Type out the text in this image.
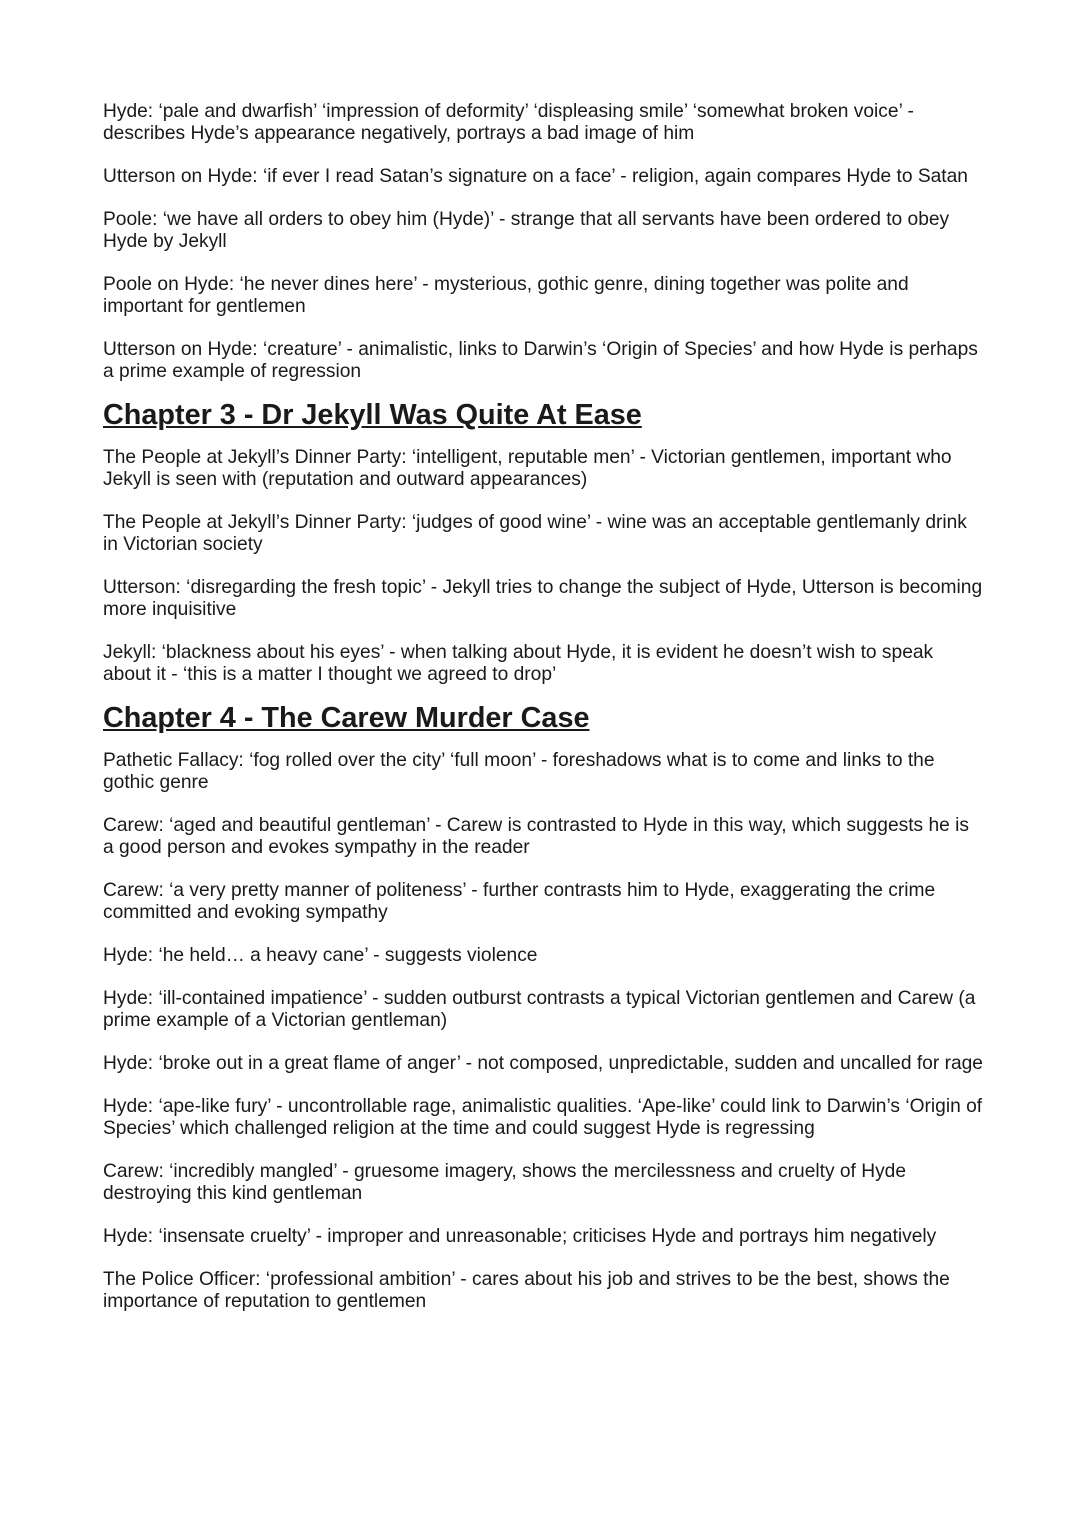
Hyde: ‘pale and dwarfish’ ‘impression of deformity’ ‘displeasing smile’ ‘somewhat broken voice’ - describes Hyde’s appearance negatively, portrays a bad image of him

Utterson on Hyde: ‘if ever I read Satan’s signature on a face’ - religion, again compares Hyde to Satan

Poole: ‘we have all orders to obey him (Hyde)’ - strange that all servants have been ordered to obey Hyde by Jekyll

Poole on Hyde: ‘he never dines here’ - mysterious, gothic genre, dining together was polite and important for gentlemen

Utterson on Hyde: ‘creature’ - animalistic, links to Darwin’s ‘Origin of Species’ and how Hyde is perhaps a prime example of regression

Chapter 3 - Dr Jekyll Was Quite At Ease

The People at Jekyll’s Dinner Party: ‘intelligent, reputable men’ - Victorian gentlemen, important who Jekyll is seen with (reputation and outward appearances)

The People at Jekyll’s Dinner Party: ‘judges of good wine’ - wine was an acceptable gentlemanly drink in Victorian society

Utterson: ‘disregarding the fresh topic’ - Jekyll tries to change the subject of Hyde, Utterson is becoming more inquisitive

Jekyll: ‘blackness about his eyes’ - when talking about Hyde, it is evident he doesn’t wish to speak about it - ‘this is a matter I thought we agreed to drop’

Chapter 4 - The Carew Murder Case

Pathetic Fallacy: ‘fog rolled over the city’ ‘full moon’ - foreshadows what is to come and links to the gothic genre

Carew: ‘aged and beautiful gentleman’ - Carew is contrasted to Hyde in this way, which suggests he is a good person and evokes sympathy in the reader

Carew: ‘a very pretty manner of politeness’ - further contrasts him to Hyde, exaggerating the crime committed and evoking sympathy

Hyde: ‘he held… a heavy cane’ - suggests violence

Hyde: ‘ill-contained impatience’ - sudden outburst contrasts a typical Victorian gentlemen and Carew (a prime example of a Victorian gentleman)

Hyde: ‘broke out in a great flame of anger’ - not composed, unpredictable, sudden and uncalled for rage

Hyde: ‘ape-like fury’ - uncontrollable rage, animalistic qualities. ‘Ape-like’ could link to Darwin’s ‘Origin of Species’ which challenged religion at the time and could suggest Hyde is regressing

Carew: ‘incredibly mangled’ - gruesome imagery, shows the mercilessness and cruelty of Hyde destroying this kind gentleman

Hyde: ‘insensate cruelty’ - improper and unreasonable; criticises Hyde and portrays him negatively

The Police Officer: ‘professional ambition’ - cares about his job and strives to be the best, shows the importance of reputation to gentlemen
